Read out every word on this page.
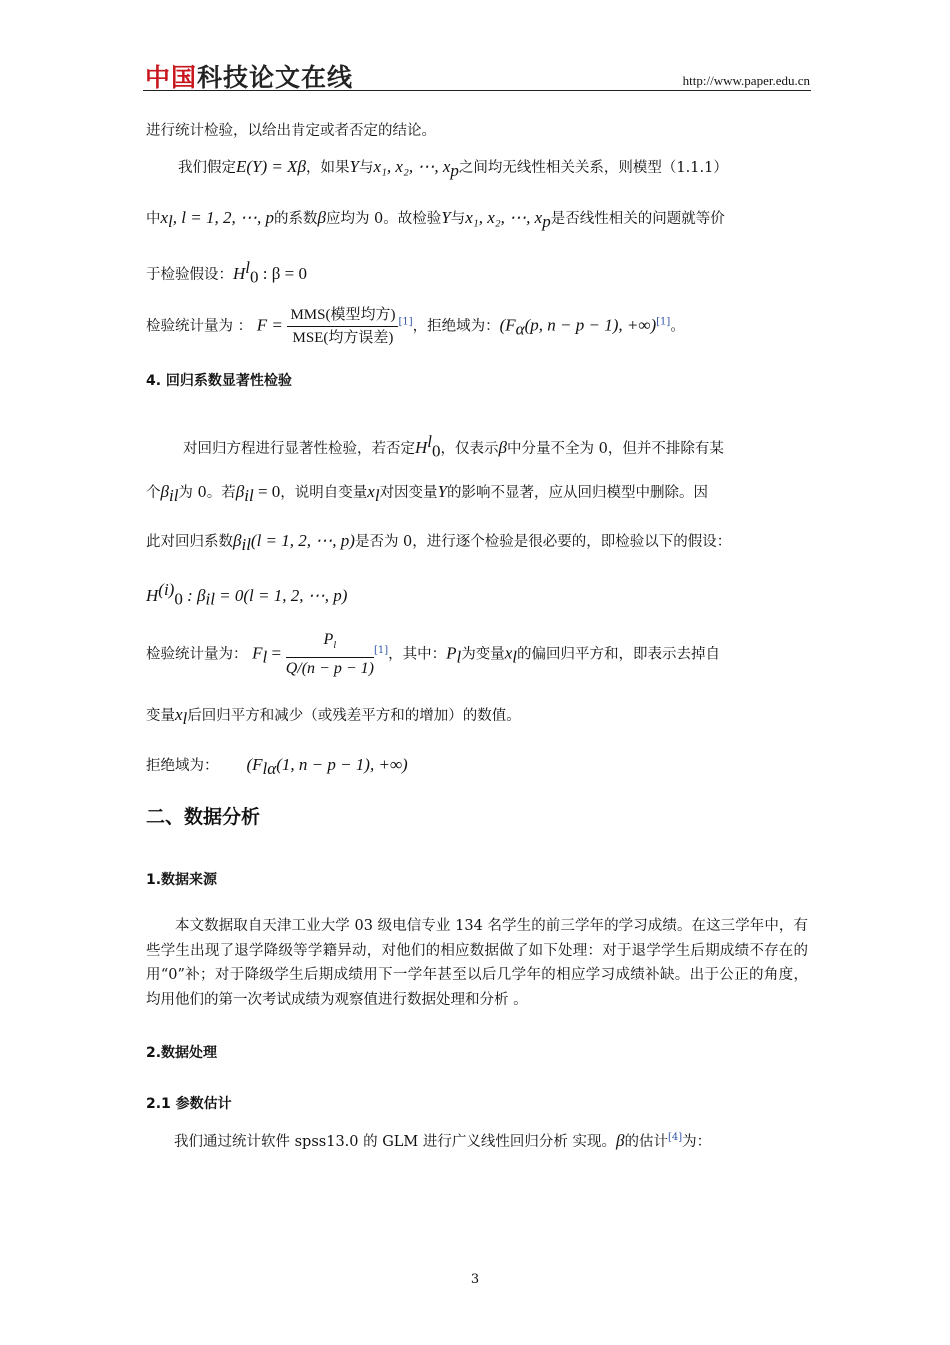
中国科技论文在线	http://www.paper.edu.cn
进行统计检验，以给出肯定或者否定的结论。
我们假定E(Y) = Xβ，如果Y与x₁, x₂, ⋯, $x_p$之间均无线性相关关系，则模型（1.1.1）
中$x_l$, l = 1, 2, ⋯, p的系数β应均为 0。故检验Y与x₁, x₂, ⋯, $x_p$是否线性相关的问题就等价
于检验假设：$H^l_0$ : β = 0
检验统计量为 ： $F = \frac{\text{MMS(模型均方)}}{\text{MSE(均方误差)}} [1]$，拒绝域为：($F_\alpha(p$, n − p − 1), +∞)[1]。
4. 回归系数显著性检验
对回归方程进行显著性检验，若否定$H^l_0$，仅表示β中分量不全为 0，但并不排除有某
个$\beta_{il}$为 0。若$\beta_{il} = 0$，说明自变量$x_l$对因变量Y的影响不显著，应从回归模型中删除。因
此对回归系数$\beta_{il}(l = 1$, 2, ⋯, p)是否为 0，进行逐个检验是很必要的，即检验以下的假设：
$H^{(i)}_0$ : $\beta_{il} = 0(l = 1$, 2, ⋯, p)
检验统计量为： $F_l = \frac{P_l}{Q/(n - p - 1)} [1]$，其中：$P_l$为变量$x_l$的偏回归平方和，即表示去掉自
变量$x_l$后回归平方和减少（或残差平方和的增加）的数值。
拒绝域为： ($F_{l\alpha}(1$, n − p − 1), +∞)
二、数据分析
1.数据来源
本文数据取自天津工业大学 03 级电信专业 134 名学生的前三学年的学习成绩。在这三学年中，有些学生出现了退学降级等学籍异动，对他们的相应数据做了如下处理：对于退学学生后期成绩不存在的用“0”补；对于降级学生后期成绩用下一学年甚至以后几学年的相应学习成绩补缺。出于公正的角度，均用他们的第一次考试成绩为观察值进行数据处理和分析 。
2.数据处理
2.1 参数估计
我们通过统计软件 spss13.0 的 GLM 进行广义线性回归分析 实现。β的估计[4]为：
3
